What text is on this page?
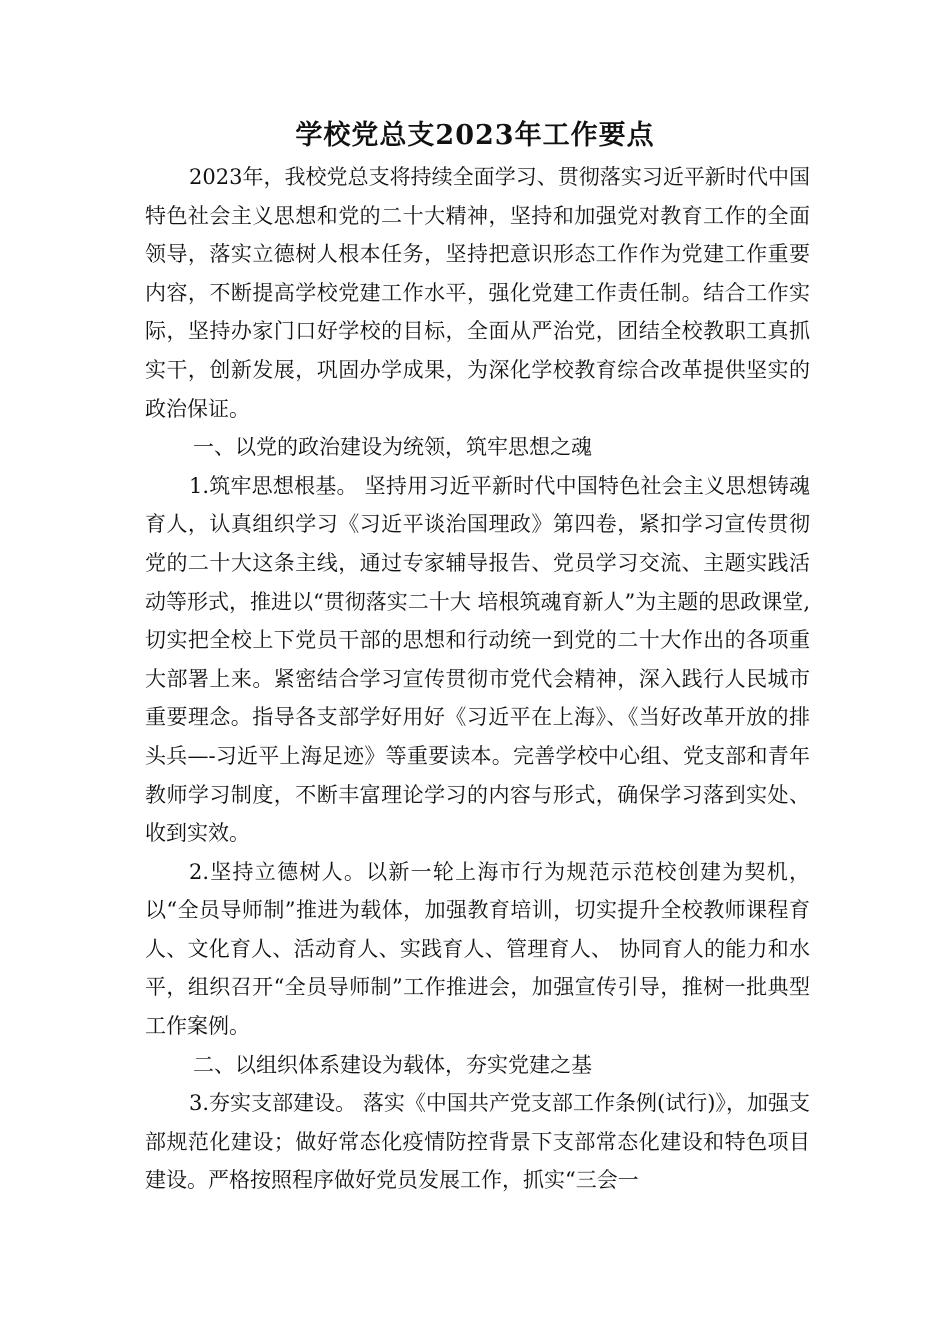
学校党总支2023年工作要点

2023年，我校党总支将持续全面学习、贯彻落实习近平新时代中国特色社会主义思想和党的二十大精神，坚持和加强党对教育工作的全面领导，落实立德树人根本任务，坚持把意识形态工作作为党建工作重要内容，不断提高学校党建工作水平，强化党建工作责任制。结合工作实际，坚持办家门口好学校的目标，全面从严治党，团结全校教职工真抓实干，创新发展，巩固办学成果，为深化学校教育综合改革提供坚实的政治保证。

一、以党的政治建设为统领，筑牢思想之魂

1.筑牢思想根基。 坚持用习近平新时代中国特色社会主义思想铸魂育人，认真组织学习《习近平谈治国理政》第四卷，紧扣学习宣传贯彻党的二十大这条主线，通过专家辅导报告、党员学习交流、主题实践活动等形式，推进以“贯彻落实二十大 培根筑魂育新人”为主题的思政课堂,切实把全校上下党员干部的思想和行动统一到党的二十大作出的各项重大部署上来。紧密结合学习宣传贯彻市党代会精神，深入践行人民城市重要理念。指导各支部学好用好《习近平在上海》、《当好改革开放的排头兵—-习近平上海足迹》等重要读本。完善学校中心组、党支部和青年教师学习制度，不断丰富理论学习的内容与形式，确保学习落到实处、收到实效。

2.坚持立德树人。以新一轮上海市行为规范示范校创建为契机，以“全员导师制”推进为载体，加强教育培训，切实提升全校教师课程育人、文化育人、活动育人、实践育人、管理育人、 协同育人的能力和水平，组织召开“全员导师制”工作推进会，加强宣传引导，推树一批典型工作案例。

二、以组织体系建设为载体，夯实党建之基

3.夯实支部建设。 落实《中国共产党支部工作条例(试行)》，加强支部规范化建设；做好常态化疫情防控背景下支部常态化建设和特色项目建设。严格按照程序做好党员发展工作，抓实“三会一
